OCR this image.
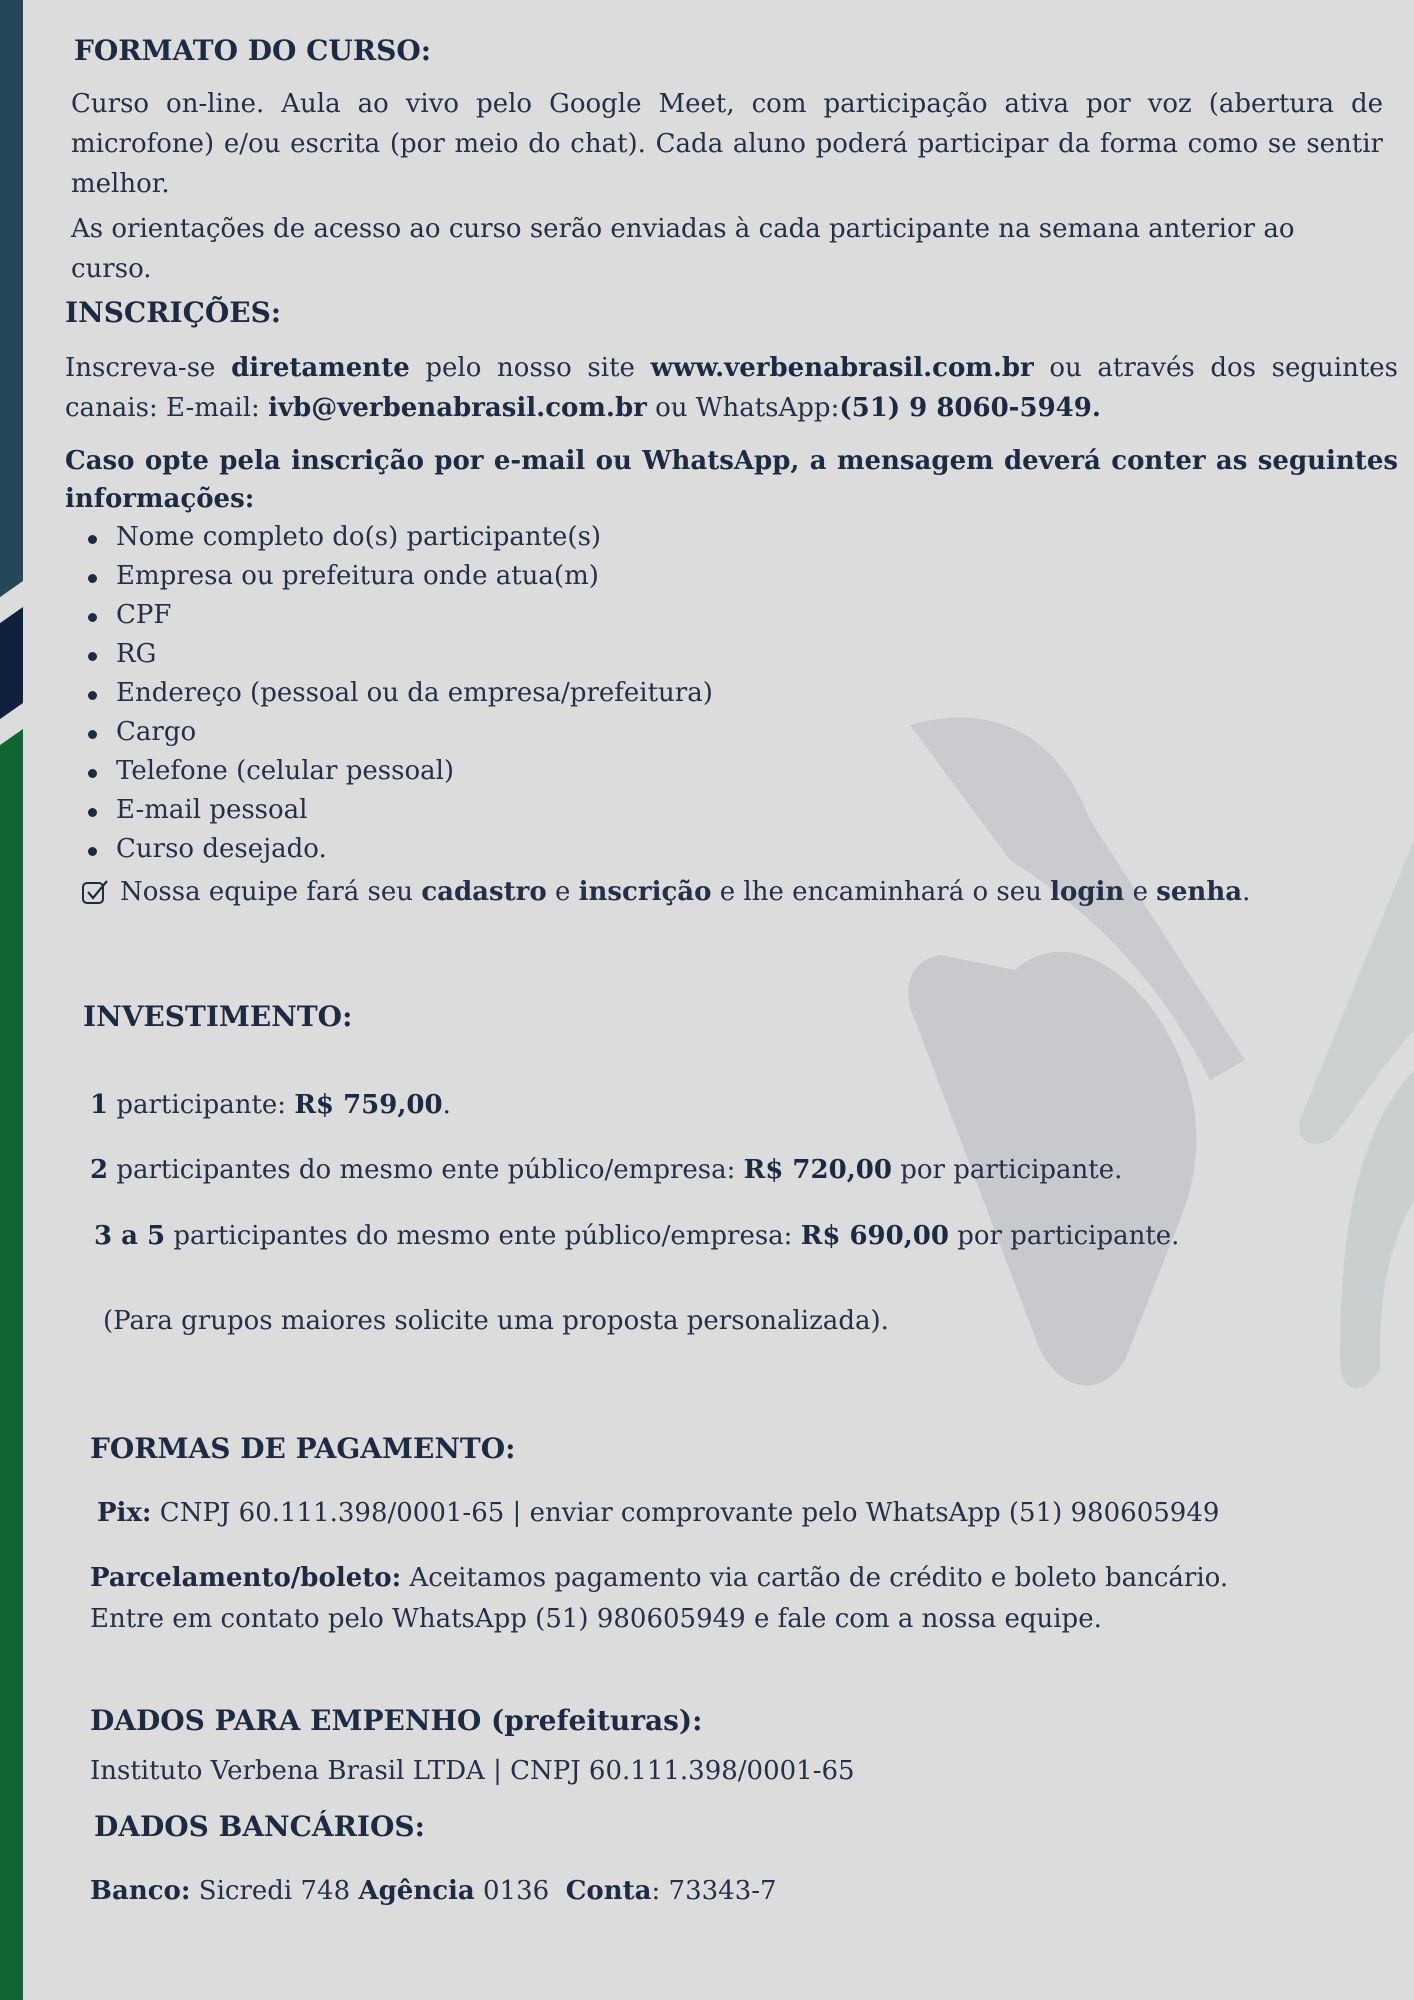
FORMATO DO CURSO:

Curso on-line. Aula ao vivo pelo Google Meet, com participação ativa por voz (abertura de microfone) e/ou escrita (por meio do chat). Cada aluno poderá participar da forma como se sentir melhor.

As orientações de acesso ao curso serão enviadas à cada participante na semana anterior ao curso.

INSCRIÇÕES:

Inscreva-se diretamente pelo nosso site www.verbenabrasil.com.br ou através dos seguintes canais: E-mail: ivb@verbenabrasil.com.br ou WhatsApp:(51) 9 8060-5949.

Caso opte pela inscrição por e-mail ou WhatsApp, a mensagem deverá conter as seguintes informações:

Nome completo do(s) participante(s)
Empresa ou prefeitura onde atua(m)
CPF
RG
Endereço (pessoal ou da empresa/prefeitura)
Cargo
Telefone (celular pessoal)
E-mail pessoal
Curso desejado.
Nossa equipe fará seu cadastro e inscrição e lhe encaminhará o seu login e senha.
INVESTIMENTO:

1 participante: R$ 759,00.

2 participantes do mesmo ente público/empresa: R$ 720,00 por participante.

3 a 5 participantes do mesmo ente público/empresa: R$ 690,00 por participante.

(Para grupos maiores solicite uma proposta personalizada).

FORMAS DE PAGAMENTO:

Pix: CNPJ 60.111.398/0001-65 | enviar comprovante pelo WhatsApp (51) 980605949

Parcelamento/boleto: Aceitamos pagamento via cartão de crédito e boleto bancário.

Entre em contato pelo WhatsApp (51) 980605949 e fale com a nossa equipe.

DADOS PARA EMPENHO (prefeituras):

Instituto Verbena Brasil LTDA | CNPJ 60.111.398/0001-65

DADOS BANCÁRIOS:

Banco: Sicredi 748 Agência 0136  Conta: 73343-7
